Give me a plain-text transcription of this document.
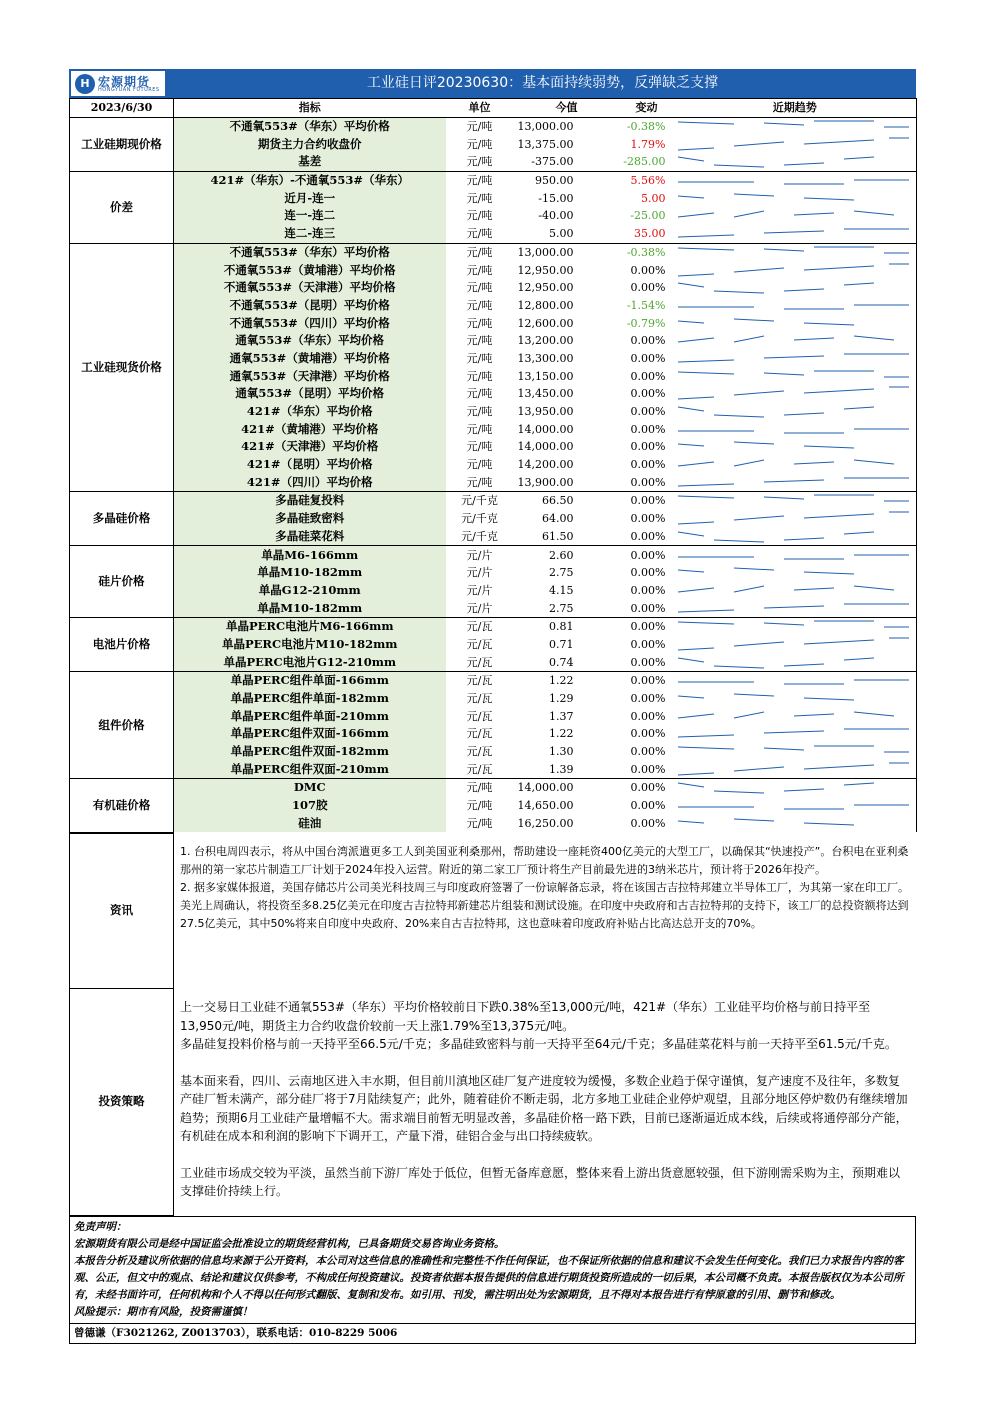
H 宏源期货
HONGYUAN FUTURES	工业硅日评20230630：基本面持续弱势，反弹缺乏支撑
2023/6/30	指标	单位	今值	变动	近期趋势
工业硅期现价格	不通氧553#（华东）平均价格	元/吨	13,000.00	-0.38%	

	期货主力合约收盘价	元/吨	13,375.00	1.79%	

	基差	元/吨	-375.00	-285.00	

价差	421#（华东）-不通氧553#（华东）	元/吨	950.00	5.56%	

	近月-连一	元/吨	-15.00	5.00	

	连一-连二	元/吨	-40.00	-25.00	

	连二-连三	元/吨	5.00	35.00	

工业硅现货价格	不通氧553#（华东）平均价格	元/吨	13,000.00	-0.38%	

	不通氧553#（黄埔港）平均价格	元/吨	12,950.00	0.00%	

	不通氧553#（天津港）平均价格	元/吨	12,950.00	0.00%	

	不通氧553#（昆明）平均价格	元/吨	12,800.00	-1.54%	

	不通氧553#（四川）平均价格	元/吨	12,600.00	-0.79%	

	通氧553#（华东）平均价格	元/吨	13,200.00	0.00%	

	通氧553#（黄埔港）平均价格	元/吨	13,300.00	0.00%	

	通氧553#（天津港）平均价格	元/吨	13,150.00	0.00%	

	通氧553#（昆明）平均价格	元/吨	13,450.00	0.00%	

	421#（华东）平均价格	元/吨	13,950.00	0.00%	

	421#（黄埔港）平均价格	元/吨	14,000.00	0.00%	

	421#（天津港）平均价格	元/吨	14,000.00	0.00%	

	421#（昆明）平均价格	元/吨	14,200.00	0.00%	

	421#（四川）平均价格	元/吨	13,900.00	0.00%	

多晶硅价格	多晶硅复投料	元/千克	66.50	0.00%	

	多晶硅致密料	元/千克	64.00	0.00%	

	多晶硅菜花料	元/千克	61.50	0.00%	

硅片价格	单晶M6-166mm	元/片	2.60	0.00%	

	单晶M10-182mm	元/片	2.75	0.00%	

	单晶G12-210mm	元/片	4.15	0.00%	

	单晶M10-182mm	元/片	2.75	0.00%	

电池片价格	单晶PERC电池片M6-166mm	元/瓦	0.81	0.00%	

	单晶PERC电池片M10-182mm	元/瓦	0.71	0.00%	

	单晶PERC电池片G12-210mm	元/瓦	0.74	0.00%	

组件价格	单晶PERC组件单面-166mm	元/瓦	1.22	0.00%	

	单晶PERC组件单面-182mm	元/瓦	1.29	0.00%	

	单晶PERC组件单面-210mm	元/瓦	1.37	0.00%	

	单晶PERC组件双面-166mm	元/瓦	1.22	0.00%	

	单晶PERC组件双面-182mm	元/瓦	1.30	0.00%	

	单晶PERC组件双面-210mm	元/瓦	1.39	0.00%	

有机硅价格	DMC	元/吨	14,000.00	0.00%	

	107胶	元/吨	14,650.00	0.00%	

	硅油	元/吨	16,250.00	0.00%	
资讯	1. 台积电周四表示，将从中国台湾派遣更多工人到美国亚利桑那州，帮助建设一座耗资400亿美元的大型工厂，以确保其“快速投产”。台积电在亚利桑那州的第一家芯片制造工厂计划于2024年投入运营。附近的第二家工厂预计将生产目前最先进的3纳米芯片，预计将于2026年投产。

2. 据多家媒体报道，美国存储芯片公司美光科技周三与印度政府签署了一份谅解备忘录，将在该国古吉拉特邦建立半导体工厂，为其第一家在印工厂。 美光上周确认，将投资至多8.25亿美元在印度古吉拉特邦新建芯片组装和测试设施。在印度中央政府和古吉拉特邦的支持下，该工厂的总投资额将达到27.5亿美元，其中50%将来自印度中央政府、20%来自古吉拉特邦，这也意味着印度政府补贴占比高达总开支的70%。

投资策略	上一交易日工业硅不通氧553#（华东）平均价格较前日下跌0.38%至13,000元/吨，421#（华东）工业硅平均价格与前日持平至13,950元/吨，期货主力合约收盘价较前一天上涨1.79%至13,375元/吨。

多晶硅复投料价格与前一天持平至66.5元/千克；多晶硅致密料与前一天持平至64元/千克；多晶硅菜花料与前一天持平至61.5元/千克。

基本面来看，四川、云南地区进入丰水期，但目前川滇地区硅厂复产进度较为缓慢，多数企业趋于保守谨慎，复产速度不及往年，多数复产硅厂暂未满产，部分硅厂将于7月陆续复产；此外，随着硅价不断走弱，北方多地工业硅企业停炉观望，且部分地区停炉数仍有继续增加趋势；预期6月工业硅产量增幅不大。需求端目前暂无明显改善，多晶硅价格一路下跌，目前已逐渐逼近成本线，后续或将通停部分产能，有机硅在成本和利润的影响下下调开工，产量下滑，硅铝合金与出口持续疲软。

工业硅市场成交较为平淡，虽然当前下游厂库处于低位，但暂无备库意愿，整体来看上游出货意愿较强，但下游刚需采购为主，预期难以支撑硅价持续上行。

免责声明：

宏源期货有限公司是经中国证监会批准设立的期货经营机构，已具备期货交易咨询业务资格。

本报告分析及建议所依据的信息均来源于公开资料，本公司对这些信息的准确性和完整性不作任何保证，也不保证所依据的信息和建议不会发生任何变化。我们已力求报告内容的客观、公正，但文中的观点、结论和建议仅供参考，不构成任何投资建议。投资者依据本报告提供的信息进行期货投资所造成的一切后果，本公司概不负责。本报告版权仅为本公司所有，未经书面许可，任何机构和个人不得以任何形式翻版、复制和发布。如引用、刊发，需注明出处为宏源期货，且不得对本报告进行有悖原意的引用、删节和修改。

风险提示：期市有风险，投资需谨慎！

曾德谦（F3021262, Z0013703），联系电话：010-8229 5006
